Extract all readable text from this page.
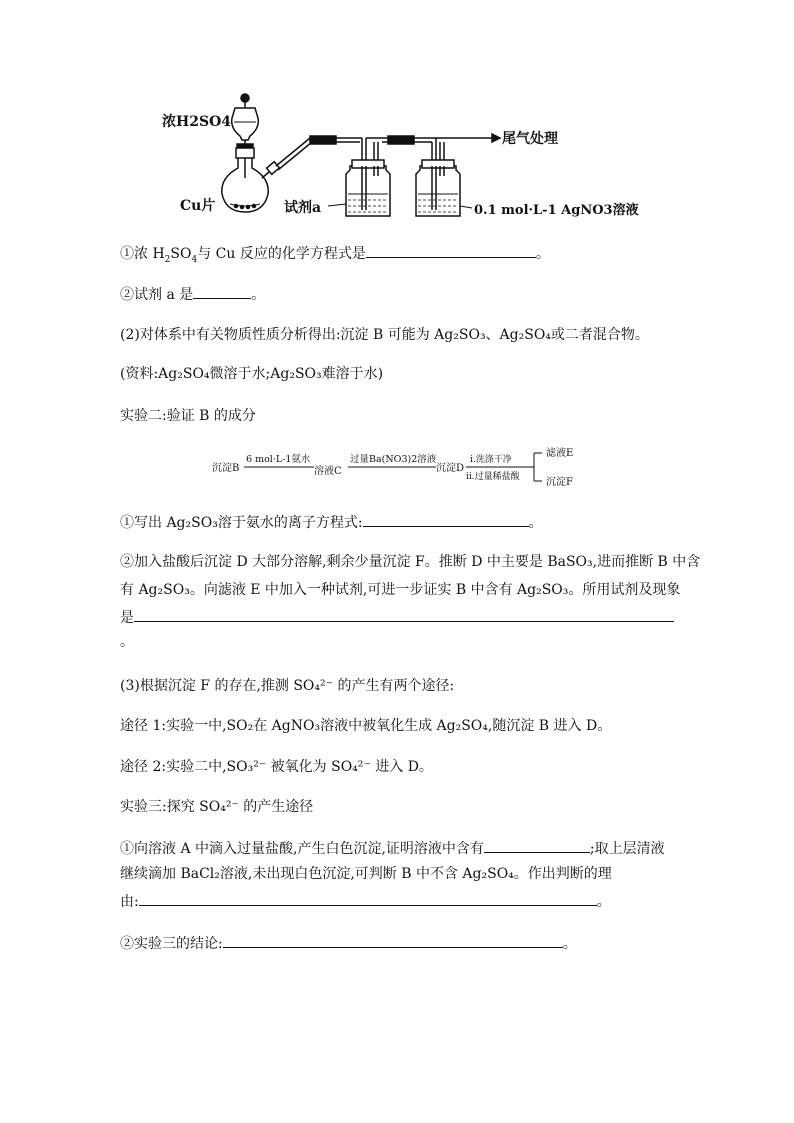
浓H2SO4
Cu片	试剂a
尾气处理
0.1 mol·L-1 AgNO3溶液
①浓 $H_2SO_4$与 Cu 反应的化学方程式是	。
②试剂 a 是	。
(2)对体系中有关物质性质分析得出:沉淀 B 可能为 Ag₂SO₃、Ag₂SO₄或二者混合物。
(资料:Ag₂SO₄微溶于水;Ag₂SO₃难溶于水)
实验二:验证 B 的成分
沉淀B
6 mol·L-1氨水
溶液C
过量Ba(NO3)2溶液
沉淀D
i.洗涤干净
ii.过量稀盐酸
滤液E
沉淀F
①写出 Ag₂SO₃溶于氨水的离子方程式:	。
②加入盐酸后沉淀 D 大部分溶解,剩余少量沉淀 F。推断 D 中主要是 BaSO₃,进而推断 B 中含
有 Ag₂SO₃。向滤液 E 中加入一种试剂,可进一步证实 B 中含有 Ag₂SO₃。所用试剂及现象
是
。
(3)根据沉淀 F 的存在,推测 SO₄²⁻ 的产生有两个途径:
途径 1:实验一中,SO₂在 AgNO₃溶液中被氧化生成 Ag₂SO₄,随沉淀 B 进入 D。
途径 2:实验二中,SO₃²⁻ 被氧化为 SO₄²⁻ 进入 D。
实验三:探究 SO₄²⁻ 的产生途径
①向溶液 A 中滴入过量盐酸,产生白色沉淀,证明溶液中含有	;取上层清液
继续滴加 BaCl₂溶液,未出现白色沉淀,可判断 B 中不含 Ag₂SO₄。作出判断的理
由:	。
②实验三的结论:	。
